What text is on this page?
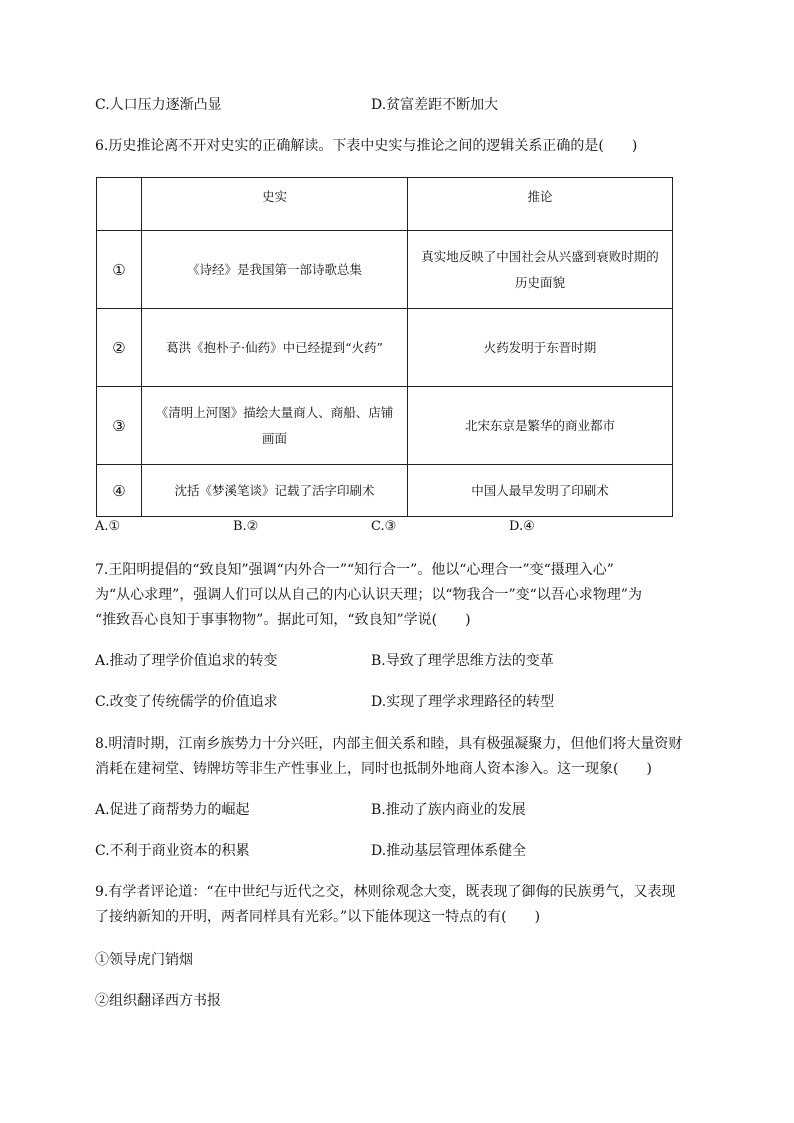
C.人口压力逐渐凸显	D.贫富差距不断加大
6.历史推论离不开对史实的正确解读。下表中史实与推论之间的逻辑关系正确的是(　　)
	史实	推论
①	《诗经》是我国第一部诗歌总集	真实地反映了中国社会从兴盛到衰败时期的历史面貌
②	葛洪《抱朴子·仙药》中已经提到“火药”	火药发明于东晋时期
③	《清明上河图》描绘大量商人、商船、店铺画面	北宋东京是繁华的商业都市
④	沈括《梦溪笔谈》记载了活字印刷术	中国人最早发明了印刷术
A.①	B.②	C.③	D.④
7.王阳明提倡的“致良知”强调“内外合一”“知行合一”。他以“心理合一”变“摄理入心”
为“从心求理”，强调人们可以从自己的内心认识天理；以“物我合一”变“以吾心求物理”为
“推致吾心良知于事事物物”。据此可知，“致良知”学说(　　)
A.推动了理学价值追求的转变	B.导致了理学思维方法的变革
C.改变了传统儒学的价值追求	D.实现了理学求理路径的转型
8.明清时期，江南乡族势力十分兴旺，内部主佃关系和睦，具有极强凝聚力，但他们将大量资财
消耗在建祠堂、铸牌坊等非生产性事业上，同时也抵制外地商人资本渗入。这一现象(　　)
A.促进了商帮势力的崛起	B.推动了族内商业的发展
C.不利于商业资本的积累	D.推动基层管理体系健全
9.有学者评论道：“在中世纪与近代之交，林则徐观念大变，既表现了御侮的民族勇气，又表现
了接纳新知的开明，两者同样具有光彩。”以下能体现这一特点的有(　　)
①领导虎门销烟
②组织翻译西方书报
